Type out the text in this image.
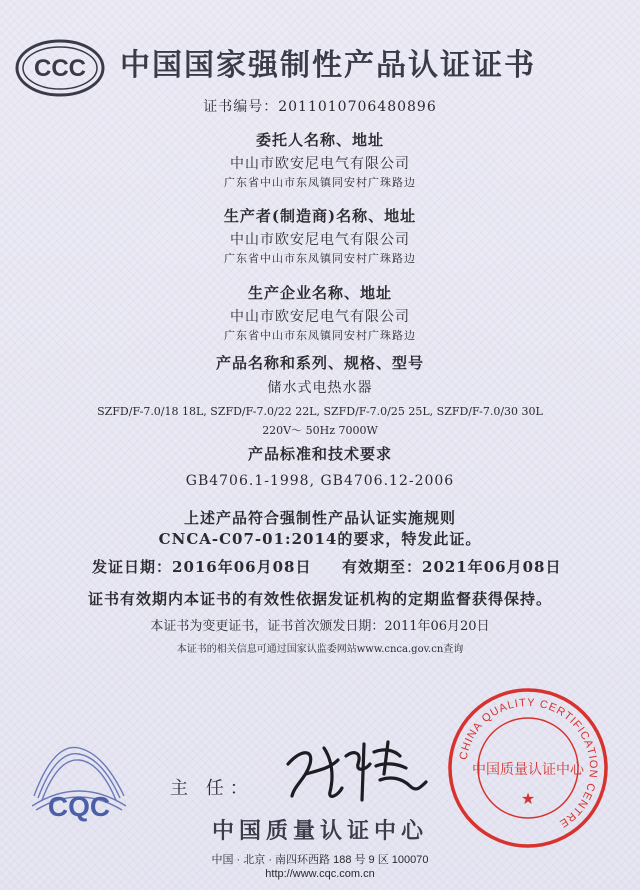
CCC 中国国家强制性产品认证证书
证书编号：2011010706480896
委托人名称、地址
中山市欧安尼电气有限公司
广东省中山市东凤镇同安村广珠路边
生产者(制造商)名称、地址
中山市欧安尼电气有限公司
广东省中山市东凤镇同安村广珠路边
生产企业名称、地址
中山市欧安尼电气有限公司
广东省中山市东凤镇同安村广珠路边
产品名称和系列、规格、型号
储水式电热水器
SZFD/F-7.0/18 18L, SZFD/F-7.0/22 22L, SZFD/F-7.0/25 25L, SZFD/F-7.0/30 30L
220V～ 50Hz 7000W
产品标准和技术要求
GB4706.1-1998, GB4706.12-2006
上述产品符合强制性产品认证实施规则
CNCA-C07-01:2014的要求，特发此证。
发证日期：2016年06月08日 有效期至：2021年06月08日
证书有效期内本证书的有效性依据发证机构的定期监督获得保持。
本证书为变更证书，证书首次颁发日期：2011年06月20日
本证书的相关信息可通过国家认监委网站www.cnca.gov.cn查询
CQC
主 任：
中国质量认证中心
中国 · 北京 · 南四环西路 188 号 9 区 100070
http://www.cqc.com.cn
CHINA QUALITY CERTIFICATION CENTRE
中国质量认证中心
★
